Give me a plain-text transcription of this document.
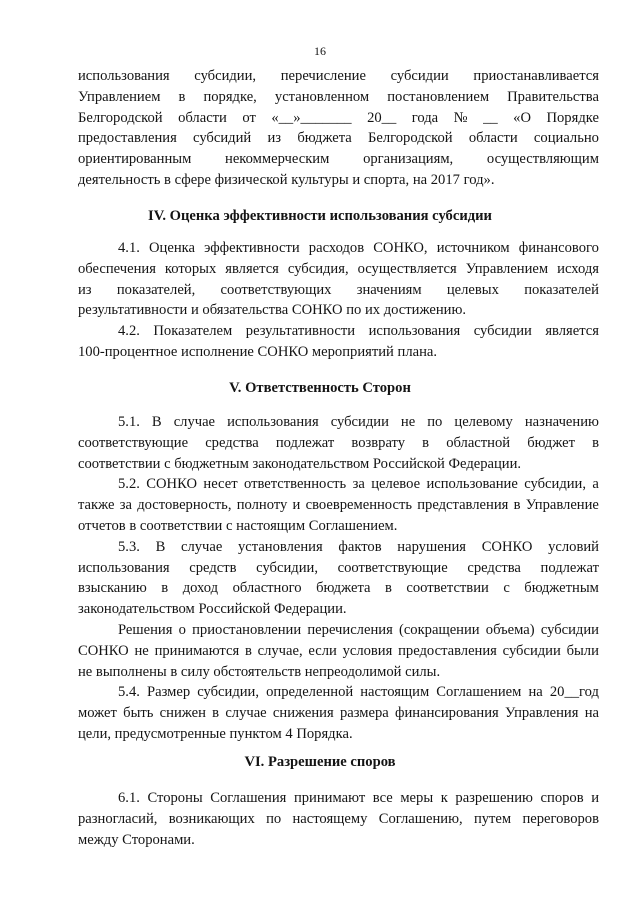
16
использования субсидии, перечисление субсидии приостанавливается
Управлением в порядке, установленном постановлением Правительства
Белгородской области от «__»_______ 20__ года № __ «О Порядке
предоставления субсидий из бюджета Белгородской области социально
ориентированным некоммерческим организациям, осуществляющим
деятельность в сфере физической культуры и спорта, на 2017 год».
IV. Оценка эффективности использования субсидии
4.1. Оценка эффективности расходов СОНКО, источником финансового
обеспечения которых является субсидия, осуществляется Управлением исходя
из показателей, соответствующих значениям целевых показателей
результативности и обязательства СОНКО по их достижению.
4.2. Показателем результативности использования субсидии является
100-процентное исполнение СОНКО мероприятий плана.
V. Ответственность Сторон
5.1. В случае использования субсидии не по целевому назначению
соответствующие средства подлежат возврату в областной бюджет в
соответствии с бюджетным законодательством Российской Федерации.
5.2. СОНКО несет ответственность за целевое использование субсидии, а
также за достоверность, полноту и своевременность представления в Управление
отчетов в соответствии с настоящим Соглашением.
5.3. В случае установления фактов нарушения СОНКО условий
использования средств субсидии, соответствующие средства подлежат
взысканию в доход областного бюджета в соответствии с бюджетным
законодательством Российской Федерации.
Решения о приостановлении перечисления (сокращении объема) субсидии
СОНКО не принимаются в случае, если условия предоставления субсидии были
не выполнены в силу обстоятельств непреодолимой силы.
5.4. Размер субсидии, определенной настоящим Соглашением на 20__год
может быть снижен в случае снижения размера финансирования Управления на
цели, предусмотренные пунктом 4 Порядка.
VI. Разрешение споров
6.1. Стороны Соглашения принимают все меры к разрешению споров и
разногласий, возникающих по настоящему Соглашению, путем переговоров
между Сторонами.
